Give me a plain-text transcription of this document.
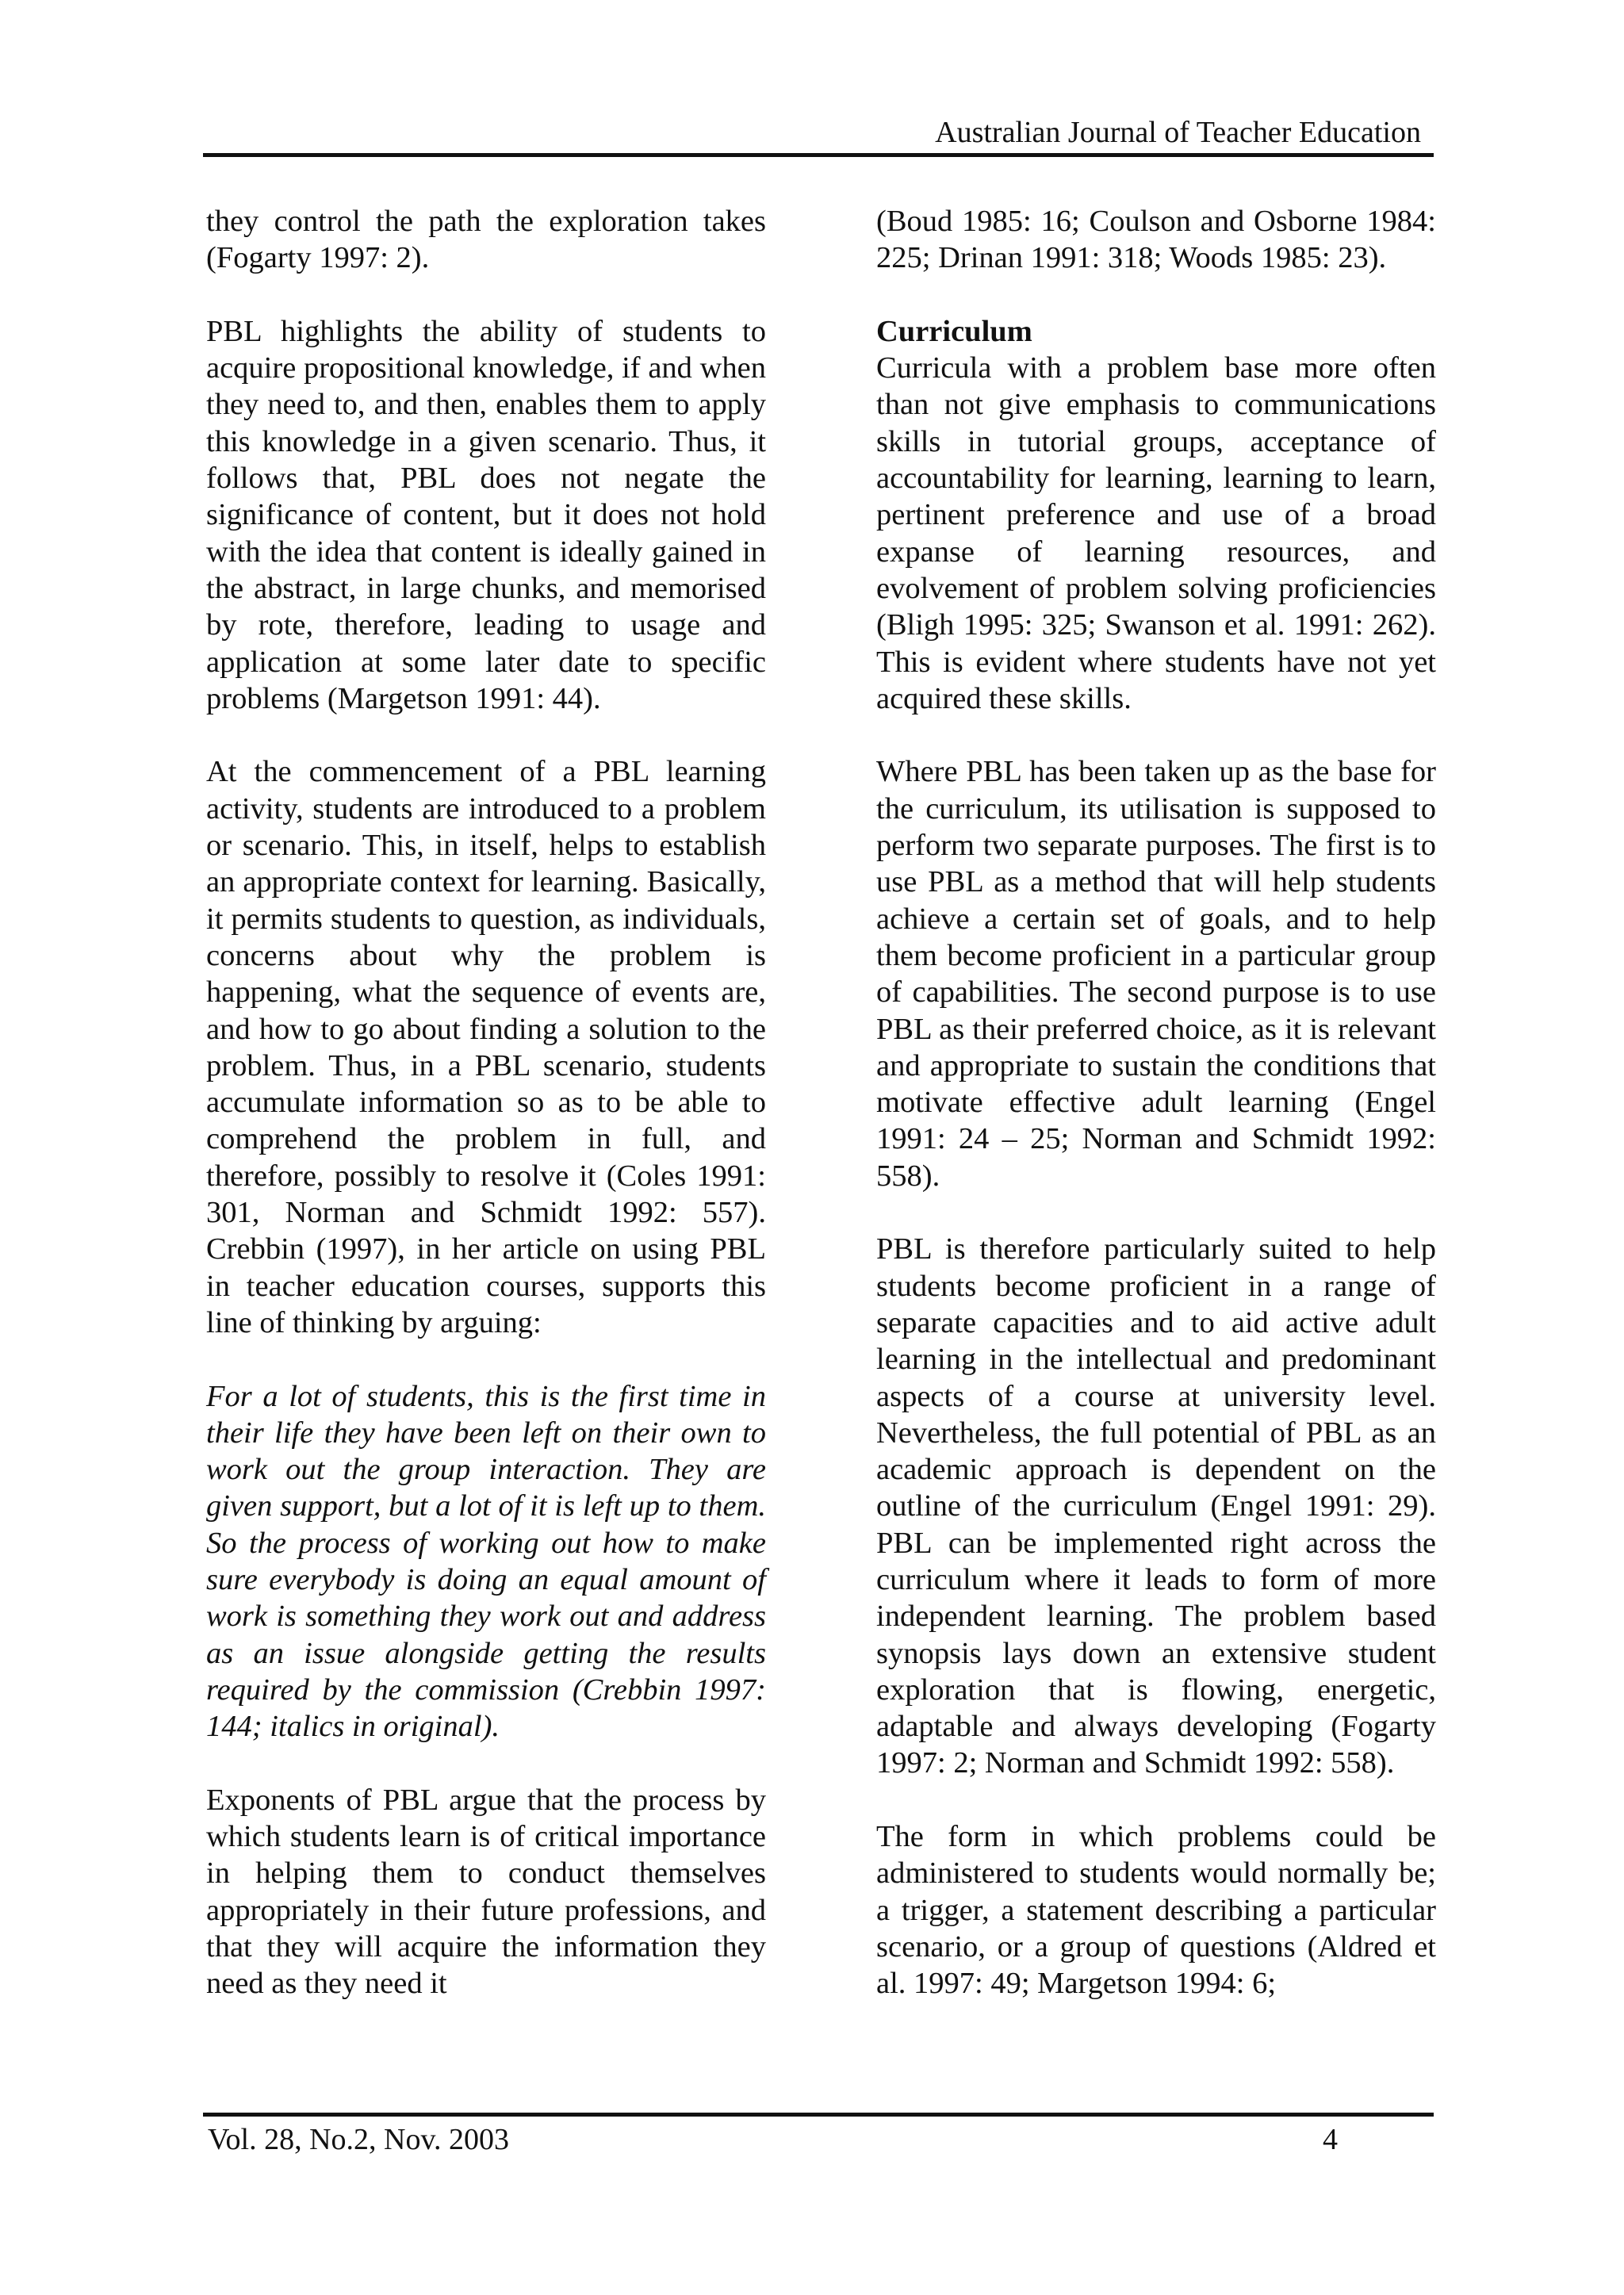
Australian Journal of Teacher Education

they control the path the exploration takes (Fogarty 1997: 2).

PBL highlights the ability of students to acquire propositional knowledge, if and when they need to, and then, enables them to apply this knowledge in a given scenario. Thus, it follows that, PBL does not negate the significance of content, but it does not hold with the idea that content is ideally gained in the abstract, in large chunks, and memorised by rote, therefore, leading to usage and application at some later date to specific problems (Margetson 1991: 44).

At the commencement of a PBL learning activity, students are introduced to a problem or scenario. This, in itself, helps to establish an appropriate context for learning. Basically, it permits students to question, as individuals, concerns about why the problem is happening, what the sequence of events are, and how to go about finding a solution to the problem. Thus, in a PBL scenario, students accumulate information so as to be able to comprehend the problem in full, and therefore, possibly to resolve it (Coles 1991: 301, Norman and Schmidt 1992: 557). Crebbin (1997), in her article on using PBL in teacher education courses, supports this line of thinking by arguing:

For a lot of students, this is the first time in their life they have been left on their own to work out the group interaction. They are given support, but a lot of it is left up to them. So the process of working out how to make sure everybody is doing an equal amount of work is something they work out and address as an issue alongside getting the results required by the commission (Crebbin 1997: 144; italics in original).

Exponents of PBL argue that the process by which students learn is of critical importance in helping them to conduct themselves appropriately in their future professions, and that they will acquire the information they need as they need it

(Boud 1985: 16; Coulson and Osborne 1984: 225; Drinan 1991: 318; Woods 1985: 23).

Curriculum
Curricula with a problem base more often than not give emphasis to communications skills in tutorial groups, acceptance of accountability for learning, learning to learn, pertinent preference and use of a broad expanse of learning resources, and evolvement of problem solving proficiencies (Bligh 1995: 325; Swanson et al. 1991: 262). This is evident where students have not yet acquired these skills.

Where PBL has been taken up as the base for the curriculum, its utilisation is supposed to perform two separate purposes. The first is to use PBL as a method that will help students achieve a certain set of goals, and to help them become proficient in a particular group of capabilities. The second purpose is to use PBL as their preferred choice, as it is relevant and appropriate to sustain the conditions that motivate effective adult learning (Engel 1991: 24 – 25; Norman and Schmidt 1992: 558).

PBL is therefore particularly suited to help students become proficient in a range of separate capacities and to aid active adult learning in the intellectual and predominant aspects of a course at university level. Nevertheless, the full potential of PBL as an academic approach is dependent on the outline of the curriculum (Engel 1991: 29). PBL can be implemented right across the curriculum where it leads to form of more independent learning. The problem based synopsis lays down an extensive student exploration that is flowing, energetic, adaptable and always developing (Fogarty 1997: 2; Norman and Schmidt 1992: 558).

The form in which problems could be administered to students would normally be; a trigger, a statement describing a particular scenario, or a group of questions (Aldred et al. 1997: 49; Margetson 1994: 6;

Vol. 28, No.2, Nov. 2003	4
